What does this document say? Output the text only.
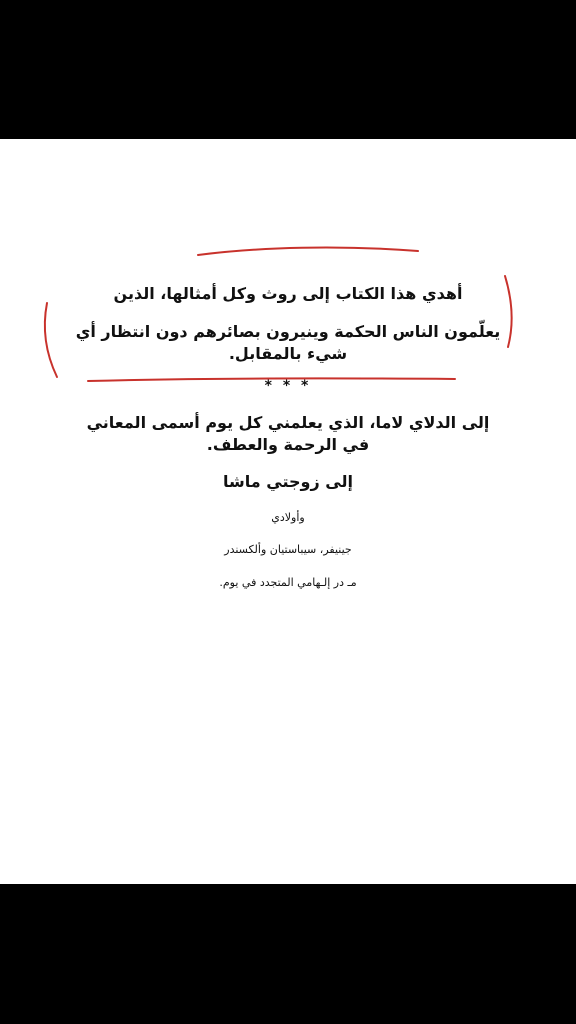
أهدي هذا الكتاب إلى روث وكل أمثالها، الذين

يعلّمون الناس الحكمة وينيرون بصائرهم دون انتظار أي

شيء بالمقابل.

* * *

إلى الدلاي لاما، الذي يعلمني كل يوم أسمى المعاني

في الرحمة والعطف.

إلى زوجتي ماشا

وأولادي

جينيفر، سيباستيان وألكسندر

مـ در إلـهامي المتجدد في يوم.
